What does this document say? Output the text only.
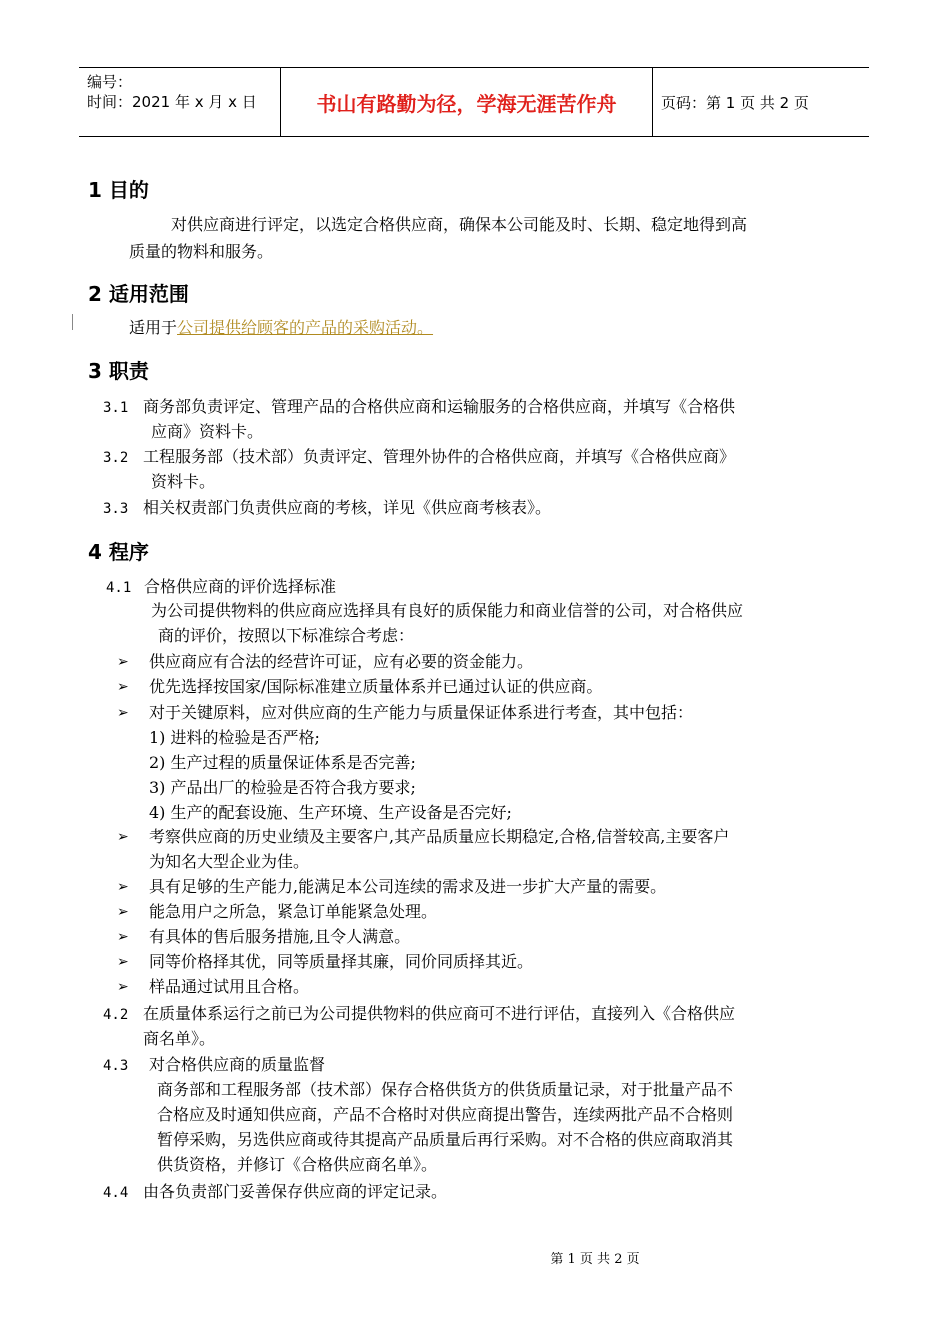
编号：
时间：2021 年 x 月 x 日	书山有路勤为径，学海无涯苦作舟	页码：第 1 页 共 2 页
1 目的
对供应商进行评定，以选定合格供应商，确保本公司能及时、长期、稳定地得到高
质量的物料和服务。
2 适用范围
适用于公司提供给顾客的产品的采购活动。
3 职责
3.1 商务部负责评定、管理产品的合格供应商和运输服务的合格供应商，并填写《合格供
应商》资料卡。
3.2 工程服务部（技术部）负责评定、管理外协件的合格供应商，并填写《合格供应商》
资料卡。
3.3 相关权责部门负责供应商的考核，详见《供应商考核表》。
4 程序
4.1 合格供应商的评价选择标准
为公司提供物料的供应商应选择具有良好的质保能力和商业信誉的公司，对合格供应
商的评价，按照以下标准综合考虑：
➢ 供应商应有合法的经营许可证，应有必要的资金能力。
➢ 优先选择按国家/国际标准建立质量体系并已通过认证的供应商。
➢ 对于关键原料，应对供应商的生产能力与质量保证体系进行考查，其中包括：
1) 进料的检验是否严格;
2) 生产过程的质量保证体系是否完善;
3) 产品出厂的检验是否符合我方要求;
4) 生产的配套设施、生产环境、生产设备是否完好;
➢ 考察供应商的历史业绩及主要客户,其产品质量应长期稳定,合格,信誉较高,主要客户
为知名大型企业为佳。
➢ 具有足够的生产能力,能满足本公司连续的需求及进一步扩大产量的需要。
➢ 能急用户之所急，紧急订单能紧急处理。
➢ 有具体的售后服务措施,且令人满意。
➢ 同等价格择其优，同等质量择其廉，同价同质择其近。
➢ 样品通过试用且合格。
4.2 在质量体系运行之前已为公司提供物料的供应商可不进行评估，直接列入《合格供应
商名单》。
4.3 对合格供应商的质量监督
商务部和工程服务部（技术部）保存合格供货方的供货质量记录，对于批量产品不
合格应及时通知供应商，产品不合格时对供应商提出警告，连续两批产品不合格则
暂停采购，另选供应商或待其提高产品质量后再行采购。对不合格的供应商取消其
供货资格，并修订《合格供应商名单》。
4.4 由各负责部门妥善保存供应商的评定记录。
第 1 页 共 2 页
